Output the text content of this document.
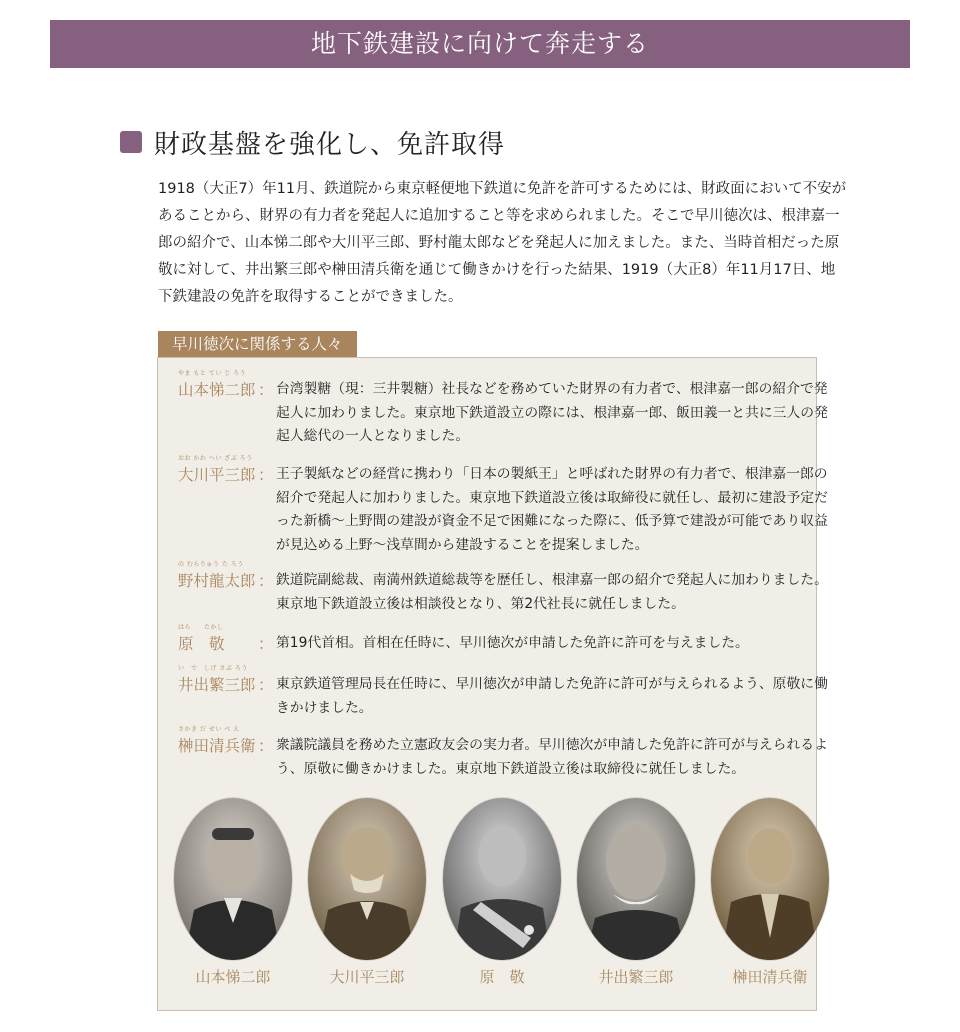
地下鉄建設に向けて奔走する
財政基盤を強化し、免許取得

1918（大正7）年11月、鉄道院から東京軽便地下鉄道に免許を許可するためには、財政面において不安があることから、財界の有力者を発起人に追加すること等を求められました。そこで早川徳次は、根津嘉一郎の紹介で、山本悌二郎や大川平三郎、野村龍太郎などを発起人に加えました。また、当時首相だった原敬に対して、井出繁三郎や榊田清兵衛を通じて働きかけを行った結果、1919（大正8）年11月17日、地下鉄建設の免許を取得することができました。

早川徳次に関係する人々
やま もと てい じ ろう
山本悌二郎 ： 台湾製糖（現：三井製糖）社長などを務めていた財界の有力者で、根津嘉一郎の紹介で発起人に加わりました。東京地下鉄道設立の際には、根津嘉一郎、飯田義一と共に三人の発起人総代の一人となりました。
おお かわ へい ざぶ ろう
大川平三郎 ： 王子製紙などの経営に携わり「日本の製紙王」と呼ばれた財界の有力者で、根津嘉一郎の紹介で発起人に加わりました。東京地下鉄道設立後は取締役に就任し、最初に建設予定だった新橋〜上野間の建設が資金不足で困難になった際に、低予算で建設が可能であり収益が見込める上野〜浅草間から建設することを提案しました。
の むらりゅう た ろう
野村龍太郎 ： 鉄道院副総裁、南満州鉄道総裁等を歴任し、根津嘉一郎の紹介で発起人に加わりました。東京地下鉄道設立後は相談役となり、第2代社長に就任しました。
はら　　たかし
原　敬 ： 第19代首相。首相在任時に、早川徳次が申請した免許に許可を与えました。
い　で　しげ さぶ ろう
井出繁三郎 ： 東京鉄道管理局長在任時に、早川徳次が申請した免許に許可が与えられるよう、原敬に働きかけました。
さかき だ せい べ え
榊田清兵衛 ： 衆議院議員を務めた立憲政友会の実力者。早川徳次が申請した免許に許可が与えられるよう、原敬に働きかけました。東京地下鉄道設立後は取締役に就任しました。
山本悌二郎	大川平三郎	原　敬	井出繁三郎	榊田清兵衛
